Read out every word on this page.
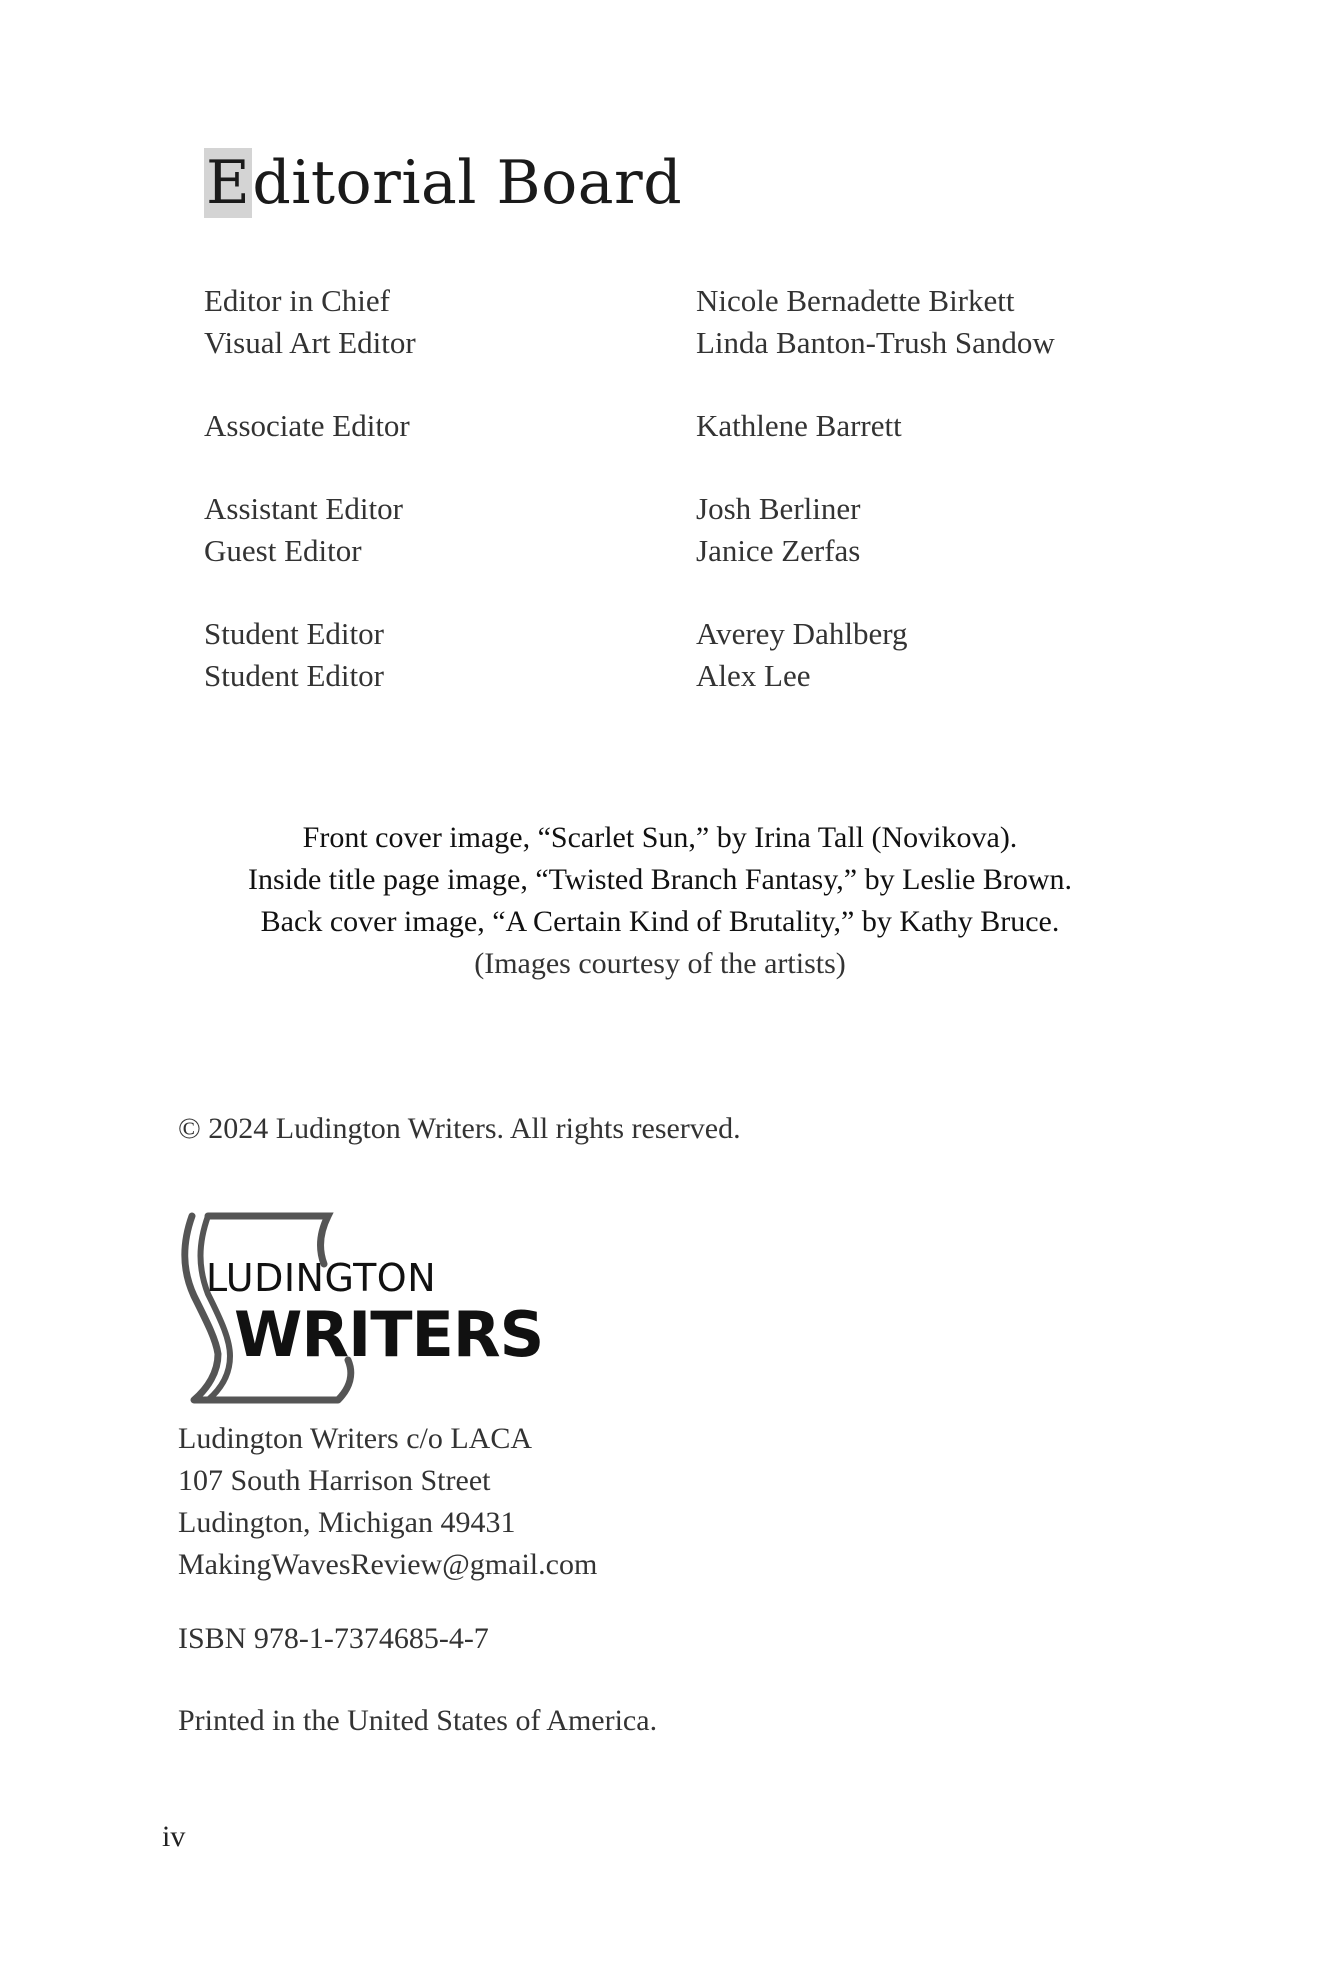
Editorial Board
Editor in Chief	Nicole Bernadette Birkett
Visual Art Editor	Linda Banton-Trush Sandow
Associate Editor	Kathlene Barrett
Assistant Editor	Josh Berliner
Guest Editor	Janice Zerfas
Student Editor	Averey Dahlberg
Student Editor	Alex Lee
Front cover image, “Scarlet Sun,” by Irina Tall (Novikova).
Inside title page image, “Twisted Branch Fantasy,” by Leslie Brown.
Back cover image, “A Certain Kind of Brutality,” by Kathy Bruce.
(Images courtesy of the artists)
© 2024 Ludington Writers. All rights reserved.
LUDINGTON
WRITERS
Ludington Writers c/o LACA
107 South Harrison Street
Ludington, Michigan 49431
MakingWavesReview@gmail.com
ISBN 978-1-7374685-4-7
Printed in the United States of America.
iv
